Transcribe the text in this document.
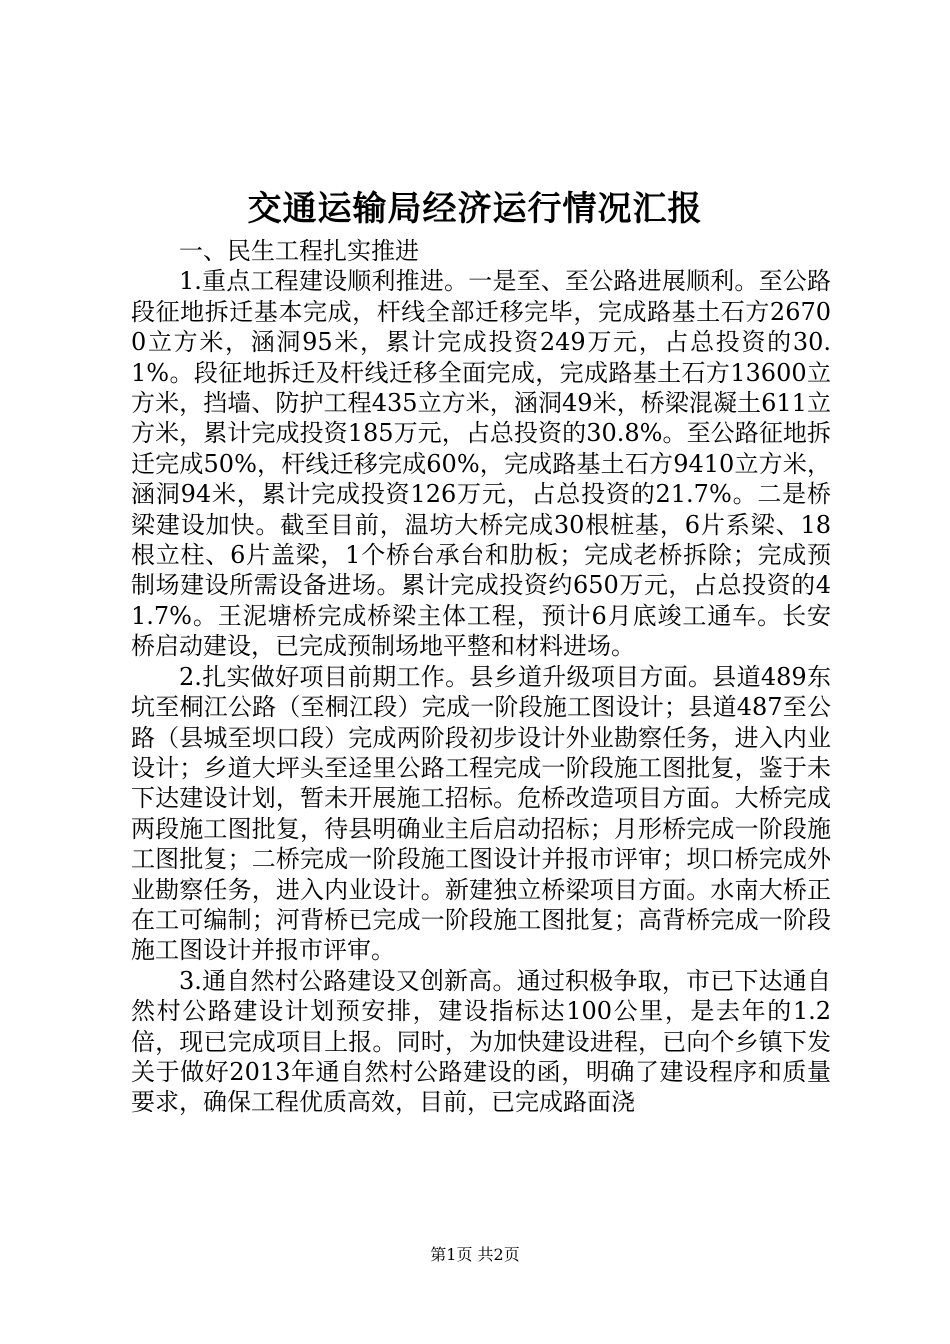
交通运输局经济运行情况汇报

一、民生工程扎实推进

1.重点工程建设顺利推进。一是至、至公路进展顺利。至公路段征地拆迁基本完成，杆线全部迁移完毕，完成路基土石方26700立方米，涵洞95米，累计完成投资249万元，占总投资的30.1%。段征地拆迁及杆线迁移全面完成，完成路基土石方13600立方米，挡墙、防护工程435立方米，涵洞49米，桥梁混凝土611立方米，累计完成投资185万元，占总投资的30.8%。至公路征地拆迁完成50%，杆线迁移完成60%，完成路基土石方9410立方米，涵洞94米，累计完成投资126万元，占总投资的21.7%。二是桥梁建设加快。截至目前，温坊大桥完成30根桩基，6片系梁、18根立柱、6片盖梁，1个桥台承台和肋板；完成老桥拆除；完成预制场建设所需设备进场。累计完成投资约650万元，占总投资的41.7%。王泥塘桥完成桥梁主体工程，预计6月底竣工通车。长安桥启动建设，已完成预制场地平整和材料进场。

2.扎实做好项目前期工作。县乡道升级项目方面。县道489东坑至桐江公路（至桐江段）完成一阶段施工图设计；县道487至公路（县城至坝口段）完成两阶段初步设计外业勘察任务，进入内业设计；乡道大坪头至迳里公路工程完成一阶段施工图批复，鉴于未下达建设计划，暂未开展施工招标。危桥改造项目方面。大桥完成两段施工图批复，待县明确业主后启动招标；月形桥完成一阶段施工图批复；二桥完成一阶段施工图设计并报市评审；坝口桥完成外业勘察任务，进入内业设计。新建独立桥梁项目方面。水南大桥正在工可编制；河背桥已完成一阶段施工图批复；高背桥完成一阶段施工图设计并报市评审。

3.通自然村公路建设又创新高。通过积极争取，市已下达通自然村公路建设计划预安排，建设指标达100公里，是去年的1.2倍，现已完成项目上报。同时，为加快建设进程，已向个乡镇下发关于做好2013年通自然村公路建设的函，明确了建设程序和质量要求，确保工程优质高效，目前，已完成路面浇

第1页 共2页
